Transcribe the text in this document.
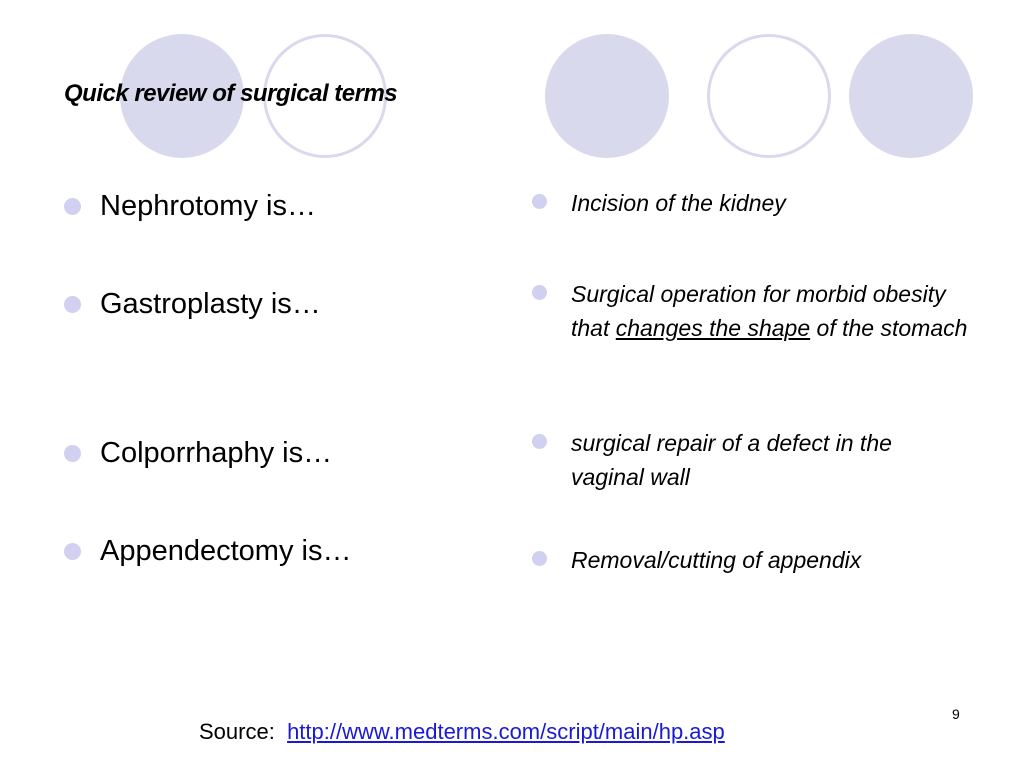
Quick review of surgical terms
Nephrotomy is…
Gastroplasty is…
Colporrhaphy is…
Appendectomy is…
Incision of the kidney
Surgical operation for morbid obesity that changes the shape of the stomach
surgical repair of a defect in the vaginal wall
Removal/cutting of appendix
Source: http://www.medterms.com/script/main/hp.asp
9
